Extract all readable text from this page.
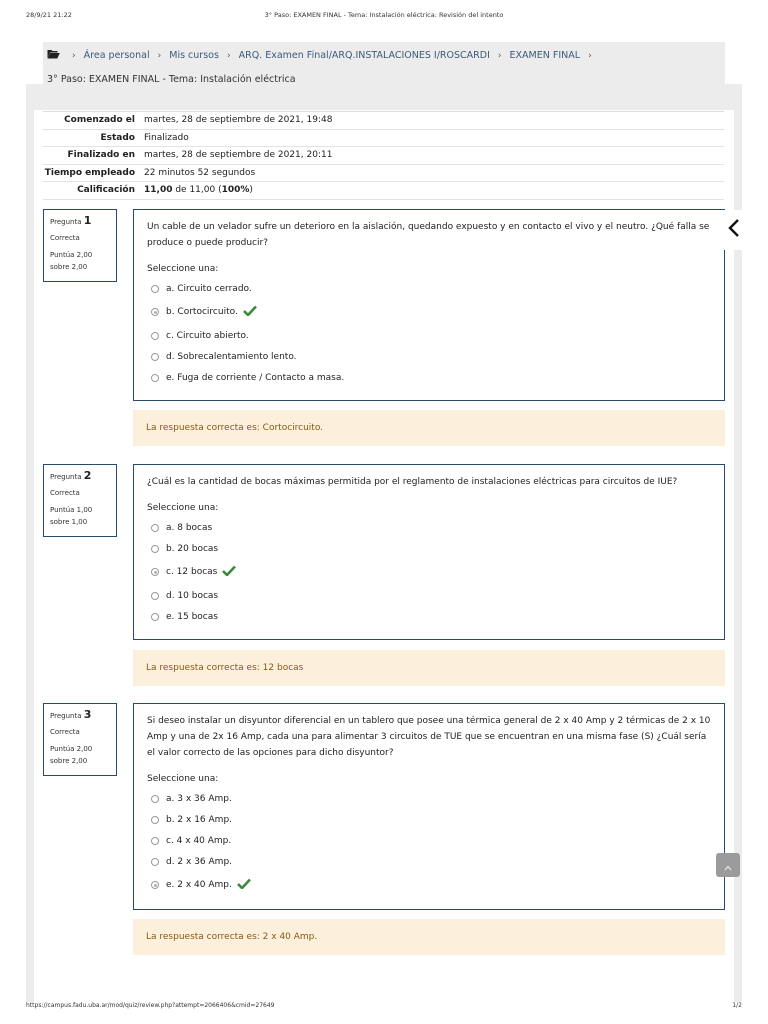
28/9/21 21:22	3° Paso: EXAMEN FINAL - Tema: Instalación eléctrica: Revisión del intento
› Área personal › Mis cursos › ARQ. Examen Final/ARQ.INSTALACIONES I/ROSCARDI › EXAMEN FINAL ›
3° Paso: EXAMEN FINAL - Tema: Instalación eléctrica
Comenzado el	martes, 28 de septiembre de 2021, 19:48
Estado	Finalizado
Finalizado en	martes, 28 de septiembre de 2021, 20:11
Tiempo empleado	22 minutos 52 segundos
Calificación	11,00 de 11,00 (100%)
Pregunta 1
Correcta
Puntúa 2,00
sobre 2,00
Un cable de un velador sufre un deterioro en la aislación, quedando expuesto y en contacto el vivo y el neutro. ¿Qué falla se produce o puede producir?
Seleccione una:
a. Circuito cerrado.
b. Cortocircuito.
c. Circuito abierto.
d. Sobrecalentamiento lento.
e. Fuga de corriente / Contacto a masa.
La respuesta correcta es: Cortocircuito.
Pregunta 2
Correcta
Puntúa 1,00
sobre 1,00
¿Cuál es la cantidad de bocas máximas permitida por el reglamento de instalaciones eléctricas para circuitos de IUE?
Seleccione una:
a. 8 bocas
b. 20 bocas
c. 12 bocas
d. 10 bocas
e. 15 bocas
La respuesta correcta es: 12 bocas
Pregunta 3
Correcta
Puntúa 2,00
sobre 2,00
Si deseo instalar un disyuntor diferencial en un tablero que posee una térmica general de 2 x 40 Amp y 2 térmicas de 2 x 10 Amp y una de 2x 16 Amp, cada una para alimentar 3 circuitos de TUE que se encuentran en una misma fase (S) ¿Cuál sería el valor correcto de las opciones para dicho disyuntor?
Seleccione una:
a. 3 x 36 Amp.
b. 2 x 16 Amp.
c. 4 x 40 Amp.
d. 2 x 36 Amp.
e. 2 x 40 Amp.
La respuesta correcta es: 2 x 40 Amp.
https://campus.fadu.uba.ar/mod/quiz/review.php?attempt=2066406&cmid=27649	1/2
